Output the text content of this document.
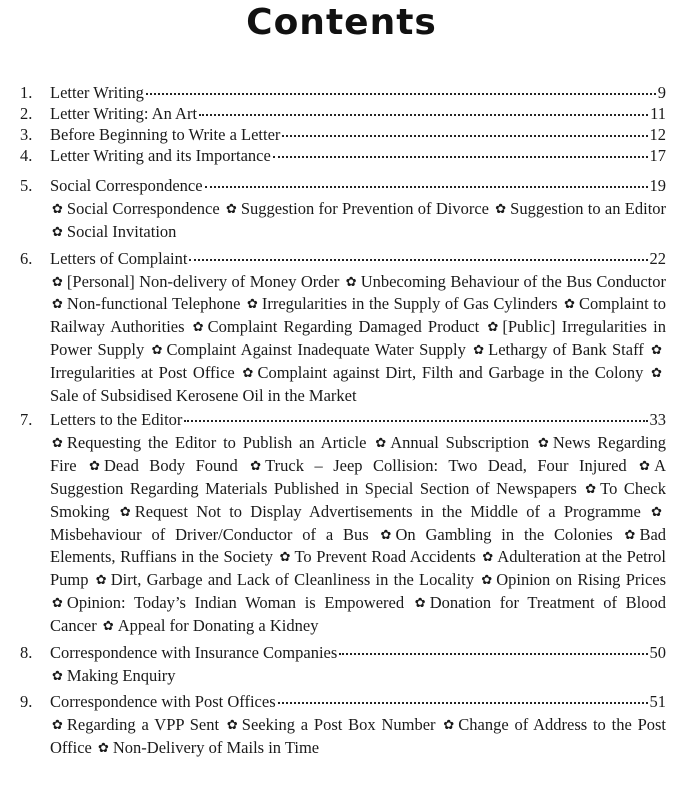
Contents
1.	Letter Writing	9
2.	Letter Writing: An Art	11
3.	Before Beginning to Write a Letter	12
4.	Letter Writing and its Importance	17
5.	Social Correspondence	19
✿ Social Correspondence ✿ Suggestion for Prevention of Divorce ✿ Suggestion to an Editor ✿ Social Invitation
6.	Letters of Complaint	22
✿ [Personal] Non-delivery of Money Order ✿ Unbecoming Behaviour of the Bus Conductor ✿ Non-functional Telephone ✿ Irregularities in the Supply of Gas Cylinders ✿ Complaint to Railway Authorities ✿ Complaint Regarding Damaged Product ✿ [Public] Irregularities in Power Supply ✿ Complaint Against Inadequate Water Supply ✿ Lethargy of Bank Staff ✿Irregularities at Post Office ✿ Complaint against Dirt, Filth and Garbage in the Colony ✿Sale of Subsidised Kerosene Oil in the Market
7.	Letters to the Editor	33
✿ Requesting the Editor to Publish an Article ✿ Annual Subscription ✿ News Regarding Fire ✿ Dead Body Found ✿ Truck – Jeep Collision: Two Dead, Four Injured ✿ A Suggestion Regarding Materials Published in Special Section of Newspapers ✿ To Check Smoking ✿ Request Not to Display Advertisements in the Middle of a Programme ✿Misbehaviour of Driver/Conductor of a Bus ✿ On Gambling in the Colonies ✿ Bad Elements, Ruffians in the Society ✿ To Prevent Road Accidents ✿ Adulteration at the Petrol Pump ✿ Dirt, Garbage and Lack of Cleanliness in the Locality ✿ Opinion on Rising Prices ✿ Opinion: Today’s Indian Woman is Empowered ✿ Donation for Treatment of Blood Cancer ✿ Appeal for Donating a Kidney
8.	Correspondence with Insurance Companies	50
✿ Making Enquiry
9.	Correspondence with Post Offices	51
✿ Regarding a VPP Sent ✿ Seeking a Post Box Number ✿ Change of Address to the Post Office ✿ Non-Delivery of Mails in Time
